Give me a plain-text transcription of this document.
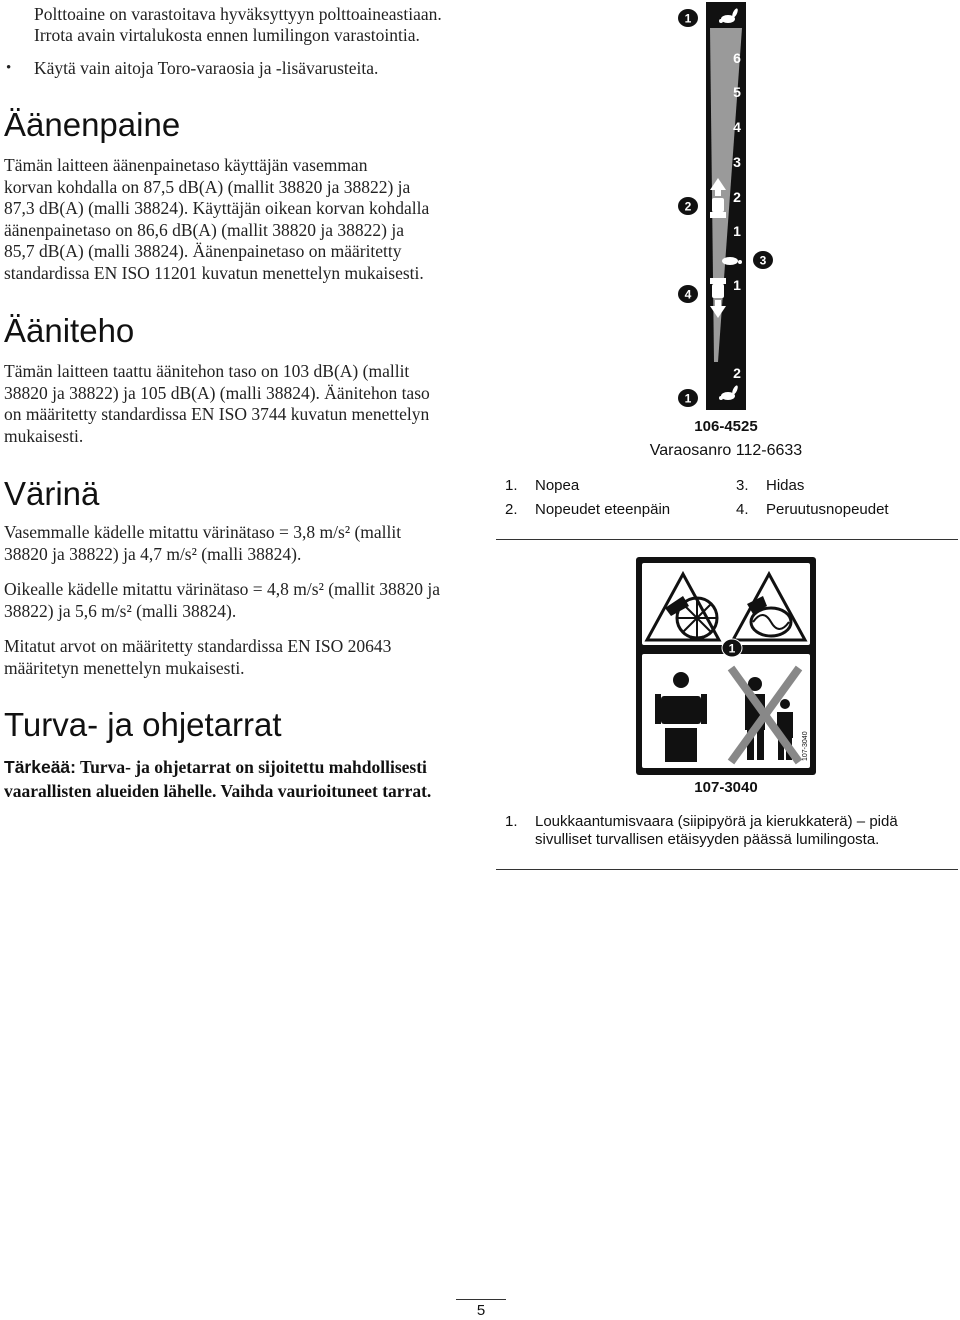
Polttoaine on varastoitava hyväksyttyyn polttoaineastiaan.
Irrota avain virtalukosta ennen lumilingon varastointia.
• Käytä vain aitoja Toro-varaosia ja -lisävarusteita.
Äänenpaine
Tämän laitteen äänenpainetaso käyttäjän vasemman
korvan kohdalla on 87,5 dB(A) (mallit 38820 ja 38822) ja
87,3 dB(A) (malli 38824). Käyttäjän oikean korvan kohdalla
äänenpainetaso on 86,6 dB(A) (mallit 38820 ja 38822) ja
85,7 dB(A) (malli 38824). Äänenpainetaso on määritetty
standardissa EN ISO 11201 kuvatun menettelyn mukaisesti.
Ääniteho
Tämän laitteen taattu äänitehon taso on 103 dB(A) (mallit
38820 ja 38822) ja 105 dB(A) (malli 38824). Äänitehon taso
on määritetty standardissa EN ISO 3744 kuvatun menettelyn
mukaisesti.
Värinä
Vasemmalle kädelle mitattu värinätaso = 3,8 m/s² (mallit
38820 ja 38822) ja 4,7 m/s² (malli 38824).
Oikealle kädelle mitattu värinätaso = 4,8 m/s² (mallit 38820 ja
38822) ja 5,6 m/s² (malli 38824).
Mitatut arvot on määritetty standardissa EN ISO 20643
määritetyn menettelyn mukaisesti.
Turva- ja ohjetarrat
Tärkeää: Turva- ja ohjetarrat on sijoitettu mahdollisesti
vaarallisten alueiden lähelle. Vaihda vaurioituneet tarrat.
1
2
3
4
1
6
5
4
3
2
1
1
2
106-4525
Varaosanro 112-6633
1. Nopea	3. Hidas
2. Nopeudet eteenpäin	4. Peruutusnopeudet
1
107-3040
107-3040
1. Loukkaantumisvaara (siipipyörä ja kierukkaterä) – pidä
sivulliset turvallisen etäisyyden päässä lumilingosta.
5
